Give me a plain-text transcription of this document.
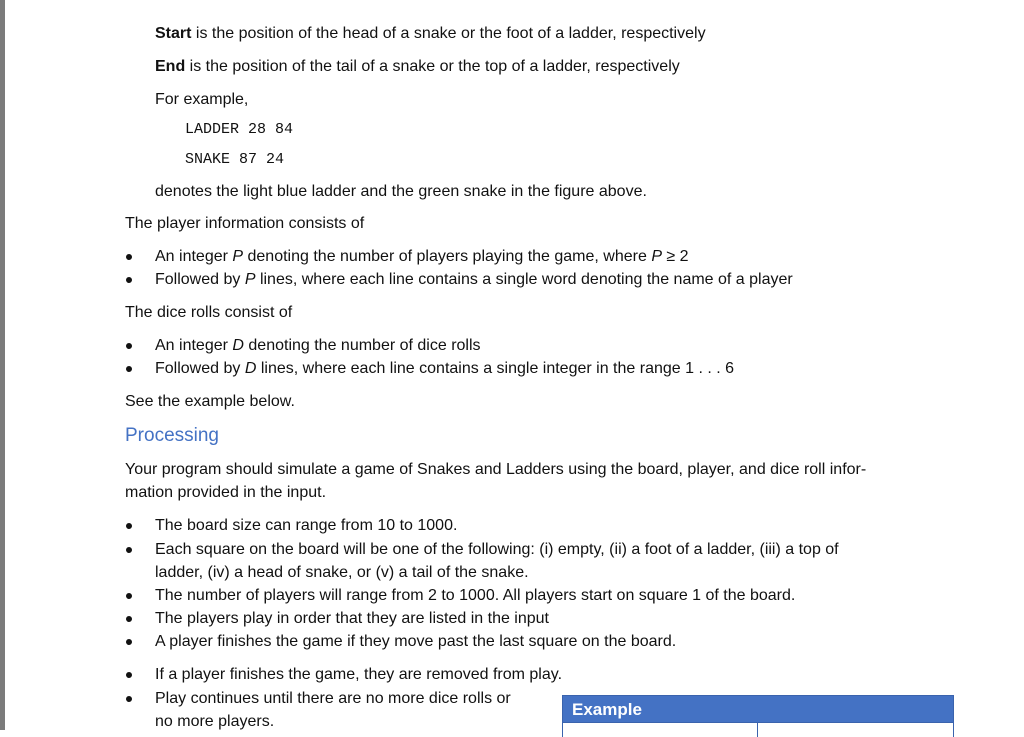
Start is the position of the head of a snake or the foot of a ladder, respectively
End is the position of the tail of a snake or the top of a ladder, respectively
For example,
LADDER 28 84
SNAKE 87 24
denotes the light blue ladder and the green snake in the figure above.
The player information consists of
An integer P denoting the number of players playing the game, where P ≥ 2
Followed by P lines, where each line contains a single word denoting the name of a player
The dice rolls consist of
An integer D denoting the number of dice rolls
Followed by D lines, where each line contains a single integer in the range 1 . . . 6
See the example below.
Processing
Your program should simulate a game of Snakes and Ladders using the board, player, and dice roll infor-
mation provided in the input.
The board size can range from 10 to 1000.
Each square on the board will be one of the following: (i) empty, (ii) a foot of a ladder, (iii) a top of
ladder, (iv) a head of snake, or (v) a tail of the snake.
The number of players will range from 2 to 1000. All players start on square 1 of the board.
The players play in order that they are listed in the input
A player finishes the game if they move past the last square on the board.
If a player finishes the game, they are removed from play.
Play continues until there are no more dice rolls or
no more players.
Example
